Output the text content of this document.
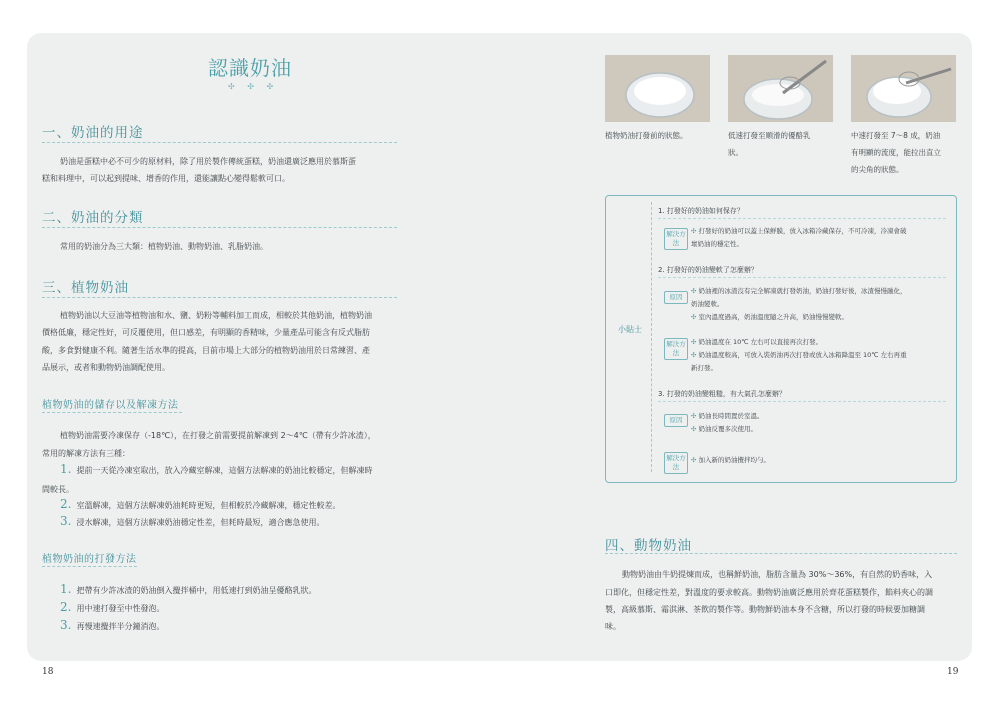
認識奶油
✣ ✣ ✣
一、奶油的用途
奶油是蛋糕中必不可少的原材料，除了用於製作傳統蛋糕，奶油還廣泛應用於慕斯蛋
糕和料理中，可以起到提味、增香的作用，還能讓點心變得鬆軟可口。
二、奶油的分類
常用的奶油分為三大類：植物奶油、動物奶油、乳脂奶油。
三、植物奶油
植物奶油以大豆油等植物油和水、鹽、奶粉等輔料加工而成，相較於其他奶油，植物奶油
價格低廉，穩定性好，可反覆使用，但口感差，有明顯的香精味，少量產品可能含有反式脂肪
酸，多食對健康不利。隨著生活水準的提高，目前市場上大部分的植物奶油用於日常練習、產
品展示，或者和動物奶油調配使用。
植物奶油的儲存以及解凍方法
植物奶油需要冷凍保存（-18℃），在打發之前需要提前解凍到 2～4℃（帶有少許冰渣），
常用的解凍方法有三種：
1. 提前一天從冷凍室取出，放入冷藏室解凍，這個方法解凍的奶油比較穩定，但解凍時
間較長。
2. 室溫解凍，這個方法解凍奶油耗時更短，但相較於冷藏解凍，穩定性較差。
3. 浸水解凍，這個方法解凍奶油穩定性差，但耗時最短，適合應急使用。
植物奶油的打發方法
1. 把帶有少許冰渣的奶油倒入攪拌桶中，用低速打到奶油呈優酪乳狀。
2. 用中速打發至中性發泡。
3. 再慢速攪拌半分鐘消泡。
18
植物奶油打發前的狀態。	低速打發至順滑的優酪乳
狀。
中速打發至 7～8 成，奶油
有明顯的流度，能拉出直立
的尖角的狀態。
小貼士
1. 打發好的奶油如何保存？
解決方法
✣ 打發好的奶油可以蓋上保鮮膜，放入冰箱冷藏保存，不可冷凍，冷凍會破
壞奶油的穩定性。
2. 打發好的奶油變軟了怎麼辦？
原因
✣ 奶油裡的冰渣沒有完全解凍就打發奶油，奶油打發好後，冰渣慢慢融化，
奶油變軟。
✣ 室內溫度過高，奶油溫度隨之升高，奶油慢慢變軟。
解決方法
✣ 奶油溫度在 10℃ 左右可以直接再次打發。
✣ 奶油溫度較高，可放入裝奶油再次打發或放入冰箱降溫至 10℃ 左右再重
新打發。
3. 打發的奶油變粗糙，有大氣孔怎麼辦？
原因	✣ 奶油長時間置於室溫。
✣ 奶油反覆多次使用。
解決方法
✣ 加入新的奶油攪拌均勻。
四、動物奶油
動物奶油由牛奶提煉而成，也稱鮮奶油，脂肪含量為 30%～36%，有自然的奶香味，入
口即化，但穩定性差，對溫度的要求較高。動物奶油廣泛應用於齊花蛋糕製作，餡料夾心的調
製，高級慕斯、霜淇淋、茶飲的製作等。動物鮮奶油本身不含糖，所以打發的時候要加糖調
味。
19
